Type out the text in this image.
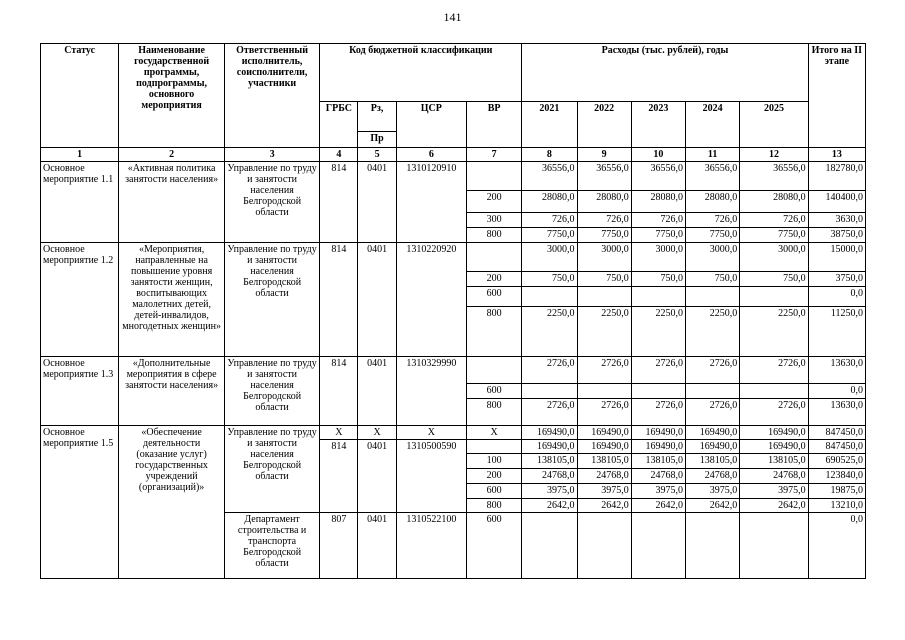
141
Статус	Наименование государственной программы, подпрограммы, основного мероприятия	Ответственный исполнитель, соисполнители, участники	Код бюджетной классификации				Расходы (тыс. рублей), годы					Итого на II этапе
			ГРБС	Рз,	ЦСР	ВР	2021	2022	2023	2024	2025	
				Пр								
1	2	3	4	5	6	7	8	9	10	11	12	13
Основное мероприятие 1.1	«Активная политика занятости населения»	Управление по труду и занятости населения Белгородской области	814	0401	1310120910		36556,0	36556,0	36556,0	36556,0	36556,0	182780,0
						200	28080,0	28080,0	28080,0	28080,0	28080,0	140400,0
						300	726,0	726,0	726,0	726,0	726,0	3630,0
						800	7750,0	7750,0	7750,0	7750,0	7750,0	38750,0
Основное мероприятие 1.2	«Мероприятия, направленные на повышение уровня занятости женщин, воспитывающих малолетних детей, детей-инвалидов, многодетных женщин»	Управление по труду и занятости населения Белгородской области	814	0401	1310220920		3000,0	3000,0	3000,0	3000,0	3000,0	15000,0
						200	750,0	750,0	750,0	750,0	750,0	3750,0
						600						0,0
						800	2250,0	2250,0	2250,0	2250,0	2250,0	11250,0
Основное мероприятие 1.3	«Дополнительные мероприятия в сфере занятости населения»	Управление по труду и занятости населения Белгородской области	814	0401	1310329990		2726,0	2726,0	2726,0	2726,0	2726,0	13630,0
						600						0,0
						800	2726,0	2726,0	2726,0	2726,0	2726,0	13630,0
Основное мероприятие 1.5	«Обеспечение деятельности (оказание услуг) государственных учреждений (организаций)»	Управление по труду и занятости населения Белгородской области	X	X	X	X	169490,0	169490,0	169490,0	169490,0	169490,0	847450,0
			814	0401	1310500590		169490,0	169490,0	169490,0	169490,0	169490,0	847450,0
						100	138105,0	138105,0	138105,0	138105,0	138105,0	690525,0
						200	24768,0	24768,0	24768,0	24768,0	24768,0	123840,0
						600	3975,0	3975,0	3975,0	3975,0	3975,0	19875,0
						800	2642,0	2642,0	2642,0	2642,0	2642,0	13210,0
		Департамент строительства и транспорта Белгородской области	807	0401	1310522100	600						0,0
